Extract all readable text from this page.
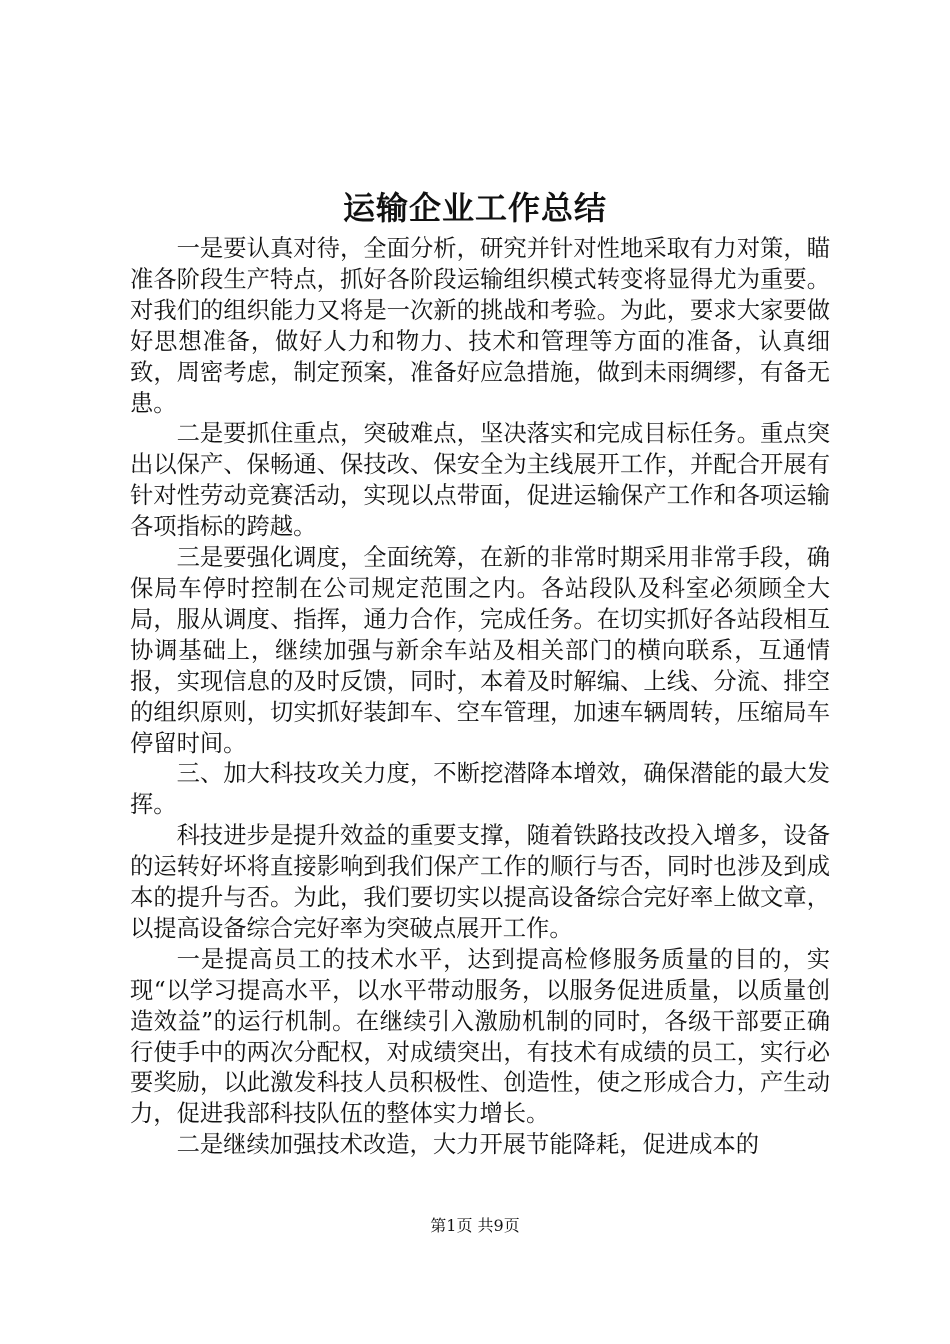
运输企业工作总结

一是要认真对待，全面分析，研究并针对性地采取有力对策，瞄准各阶段生产特点，抓好各阶段运输组织模式转变将显得尤为重要。对我们的组织能力又将是一次新的挑战和考验。为此，要求大家要做好思想准备，做好人力和物力、技术和管理等方面的准备，认真细致，周密考虑，制定预案，准备好应急措施，做到未雨绸缪，有备无患。

二是要抓住重点，突破难点，坚决落实和完成目标任务。重点突出以保产、保畅通、保技改、保安全为主线展开工作，并配合开展有针对性劳动竞赛活动，实现以点带面，促进运输保产工作和各项运输各项指标的跨越。

三是要强化调度，全面统筹，在新的非常时期采用非常手段，确保局车停时控制在公司规定范围之内。各站段队及科室必须顾全大局，服从调度、指挥，通力合作，完成任务。在切实抓好各站段相互协调基础上，继续加强与新余车站及相关部门的横向联系，互通情报，实现信息的及时反馈，同时，本着及时解编、上线、分流、排空的组织原则，切实抓好装卸车、空车管理，加速车辆周转，压缩局车停留时间。

三、加大科技攻关力度，不断挖潜降本增效，确保潜能的最大发挥。

科技进步是提升效益的重要支撑，随着铁路技改投入增多，设备的运转好坏将直接影响到我们保产工作的顺行与否，同时也涉及到成本的提升与否。为此，我们要切实以提高设备综合完好率上做文章，以提高设备综合完好率为突破点展开工作。

一是提高员工的技术水平，达到提高检修服务质量的目的，实现“以学习提高水平，以水平带动服务，以服务促进质量，以质量创造效益”的运行机制。在继续引入激励机制的同时，各级干部要正确行使手中的两次分配权，对成绩突出，有技术有成绩的员工，实行必要奖励，以此激发科技人员积极性、创造性，使之形成合力，产生动力，促进我部科技队伍的整体实力增长。

二是继续加强技术改造，大力开展节能降耗，促进成本的

第1页 共9页
